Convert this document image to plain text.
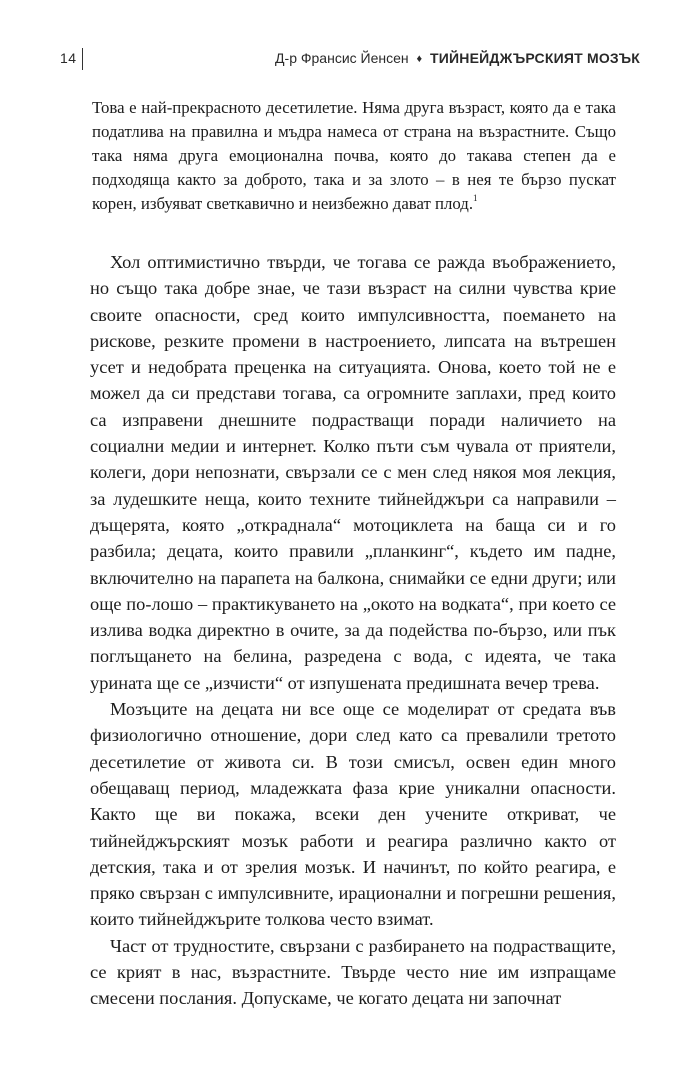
14	Д-р Франсис Йенсен ♦ ТИЙНЕЙДЖЪРСКИЯТ МОЗЪК

Това е най-прекрасното десетилетие. Няма друга възраст, която да е така податлива на правилна и мъдра намеса от страна на възрастните. Също така няма друга емоционална почва, която до такава степен да е подходяща както за доброто, така и за злото – в нея те бързо пускат корен, избуяват светкавично и неизбежно дават плод.$^1$

Хол оптимистично твърди, че тогава се ражда въображението, но също така добре знае, че тази възраст на силни чувства крие своите опасности, сред които импулсивността, поемането на рискове, резките промени в настроението, липсата на вътрешен усет и недобрата преценка на ситуацията. Онова, което той не е можел да си представи тогава, са огромните заплахи, пред които са изправени днешните подрастващи поради наличието на социални медии и интернет. Колко пъти съм чувала от приятели, колеги, дори непознати, свързали се с мен след някоя моя лекция, за лудешките неща, които техните тийнейджъри са направили – дъщерята, която „откраднала“ мотоциклета на баща си и го разбила; децата, които правили „планкинг“, където им падне, включително на парапета на балкона, снимайки се едни други; или още по-лошо – практикуването на „окото на водката“, при което се излива водка директно в очите, за да подейства по-бързо, или пък поглъщането на белина, разредена с вода, с идеята, че така урината ще се „изчисти“ от изпушената предишната вечер трева.

Мозъците на децата ни все още се моделират от средата във физиологично отношение, дори след като са превалили третото десетилетие от живота си. В този смисъл, освен един много обещаващ период, младежката фаза крие уникални опасности. Както ще ви покажа, всеки ден учените откриват, че тийнейджърският мозък работи и реагира различно както от детския, така и от зрелия мозък. И начинът, по който реагира, е пряко свързан с импулсивните, ирационални и погрешни решения, които тийнейджърите толкова често взимат.

Част от трудностите, свързани с разбирането на подрастващите, се крият в нас, възрастните. Твърде често ние им изпращаме смесени послания. Допускаме, че когато децата ни започнат
